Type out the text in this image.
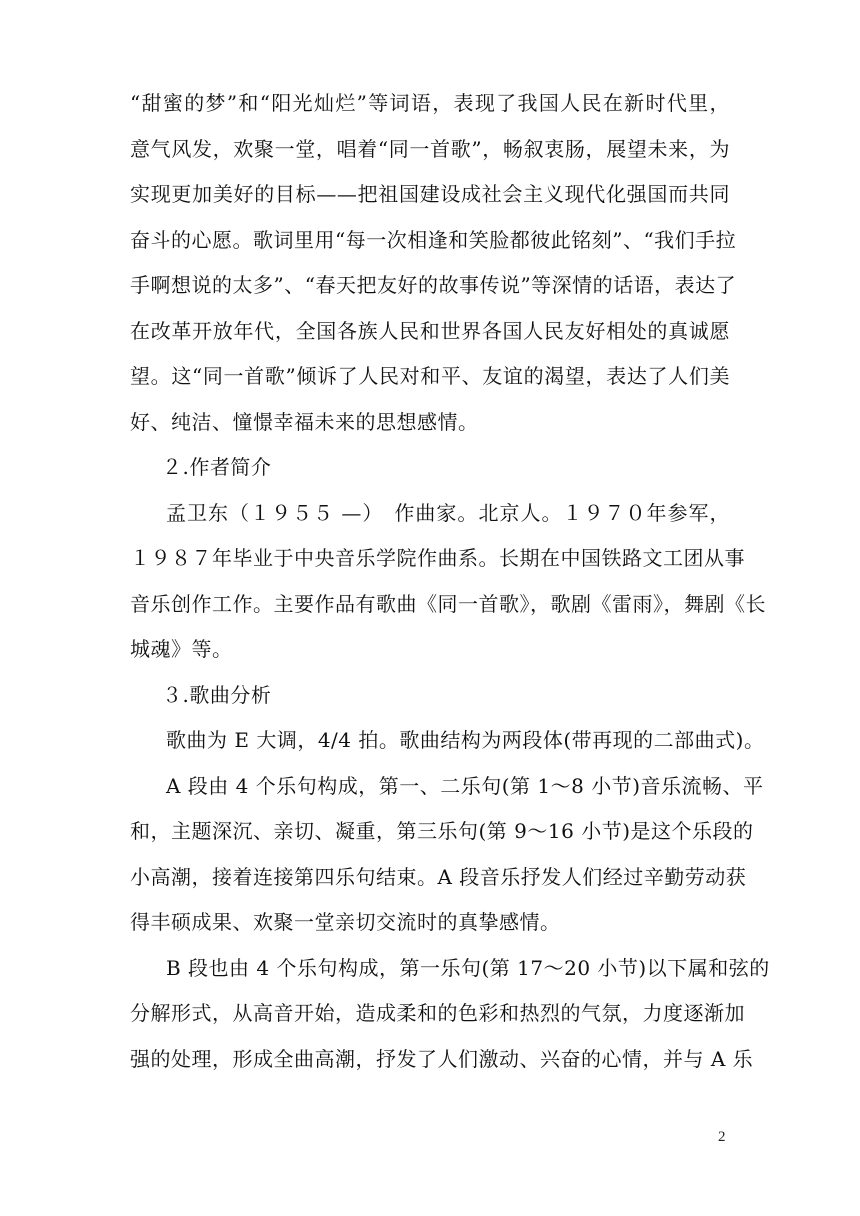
“甜蜜的梦”和“阳光灿烂”等词语，表现了我国人民在新时代里，
意气风发，欢聚一堂，唱着“同一首歌”，畅叙衷肠，展望未来，为
实现更加美好的目标——把祖国建设成社会主义现代化强国而共同
奋斗的心愿。歌词里用“每一次相逢和笑脸都彼此铭刻”、“我们手拉
手啊想说的太多”、“春天把友好的故事传说”等深情的话语，表达了
在改革开放年代，全国各族人民和世界各国人民友好相处的真诚愿
望。这“同一首歌”倾诉了人民对和平、友谊的渴望，表达了人们美
好、纯洁、憧憬幸福未来的思想感情。
２.作者简介
孟卫东（１９５５ —）　作曲家。北京人。１９７０年参军，
１９８７年毕业于中央音乐学院作曲系。长期在中国铁路文工团从事
音乐创作工作。主要作品有歌曲《同一首歌》，歌剧《雷雨》，舞剧《长
城魂》等。
３.歌曲分析
歌曲为 E 大调，4/4 拍。歌曲结构为两段体(带再现的二部曲式)。
A 段由 4 个乐句构成，第一、二乐句(第 1～8 小节)音乐流畅、平
和，主题深沉、亲切、凝重，第三乐句(第 9～16 小节)是这个乐段的
小高潮，接着连接第四乐句结束。A 段音乐抒发人们经过辛勤劳动获
得丰硕成果、欢聚一堂亲切交流时的真挚感情。
B 段也由 4 个乐句构成，第一乐句(第 17～20 小节)以下属和弦的
分解形式，从高音开始，造成柔和的色彩和热烈的气氛，力度逐渐加
强的处理，形成全曲高潮，抒发了人们激动、兴奋的心情，并与 A 乐
2
